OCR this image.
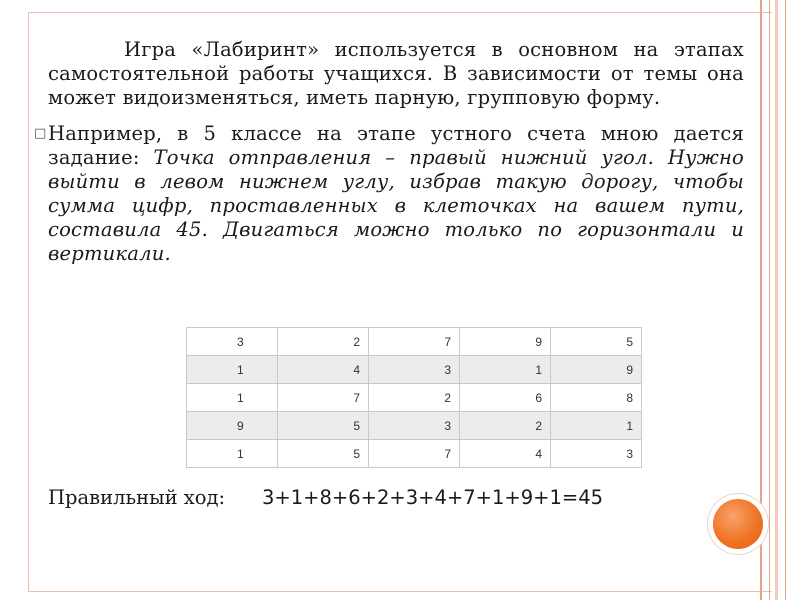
Игра «Лабиринт» используется в основном на этапах самостоятельной работы учащихся. В зависимости от темы она может видоизменяться, иметь парную, групповую форму.
□ Например, в 5 классе на этапе устного счета мною дается задание: Точка отправления – правый нижний угол. Нужно выйти в левом нижнем углу, избрав такую дорогу, чтобы сумма цифр, проставленных в клеточках на вашем пути, составила 45. Двигаться можно только по горизонтали и вертикали.
3	2	7	9	5
1	4	3	1	9
1	7	2	6	8
9	5	3	2	1
1	5	7	4	3
Правильный ход: 3+1+8+6+2+3+4+7+1+9+1=45
